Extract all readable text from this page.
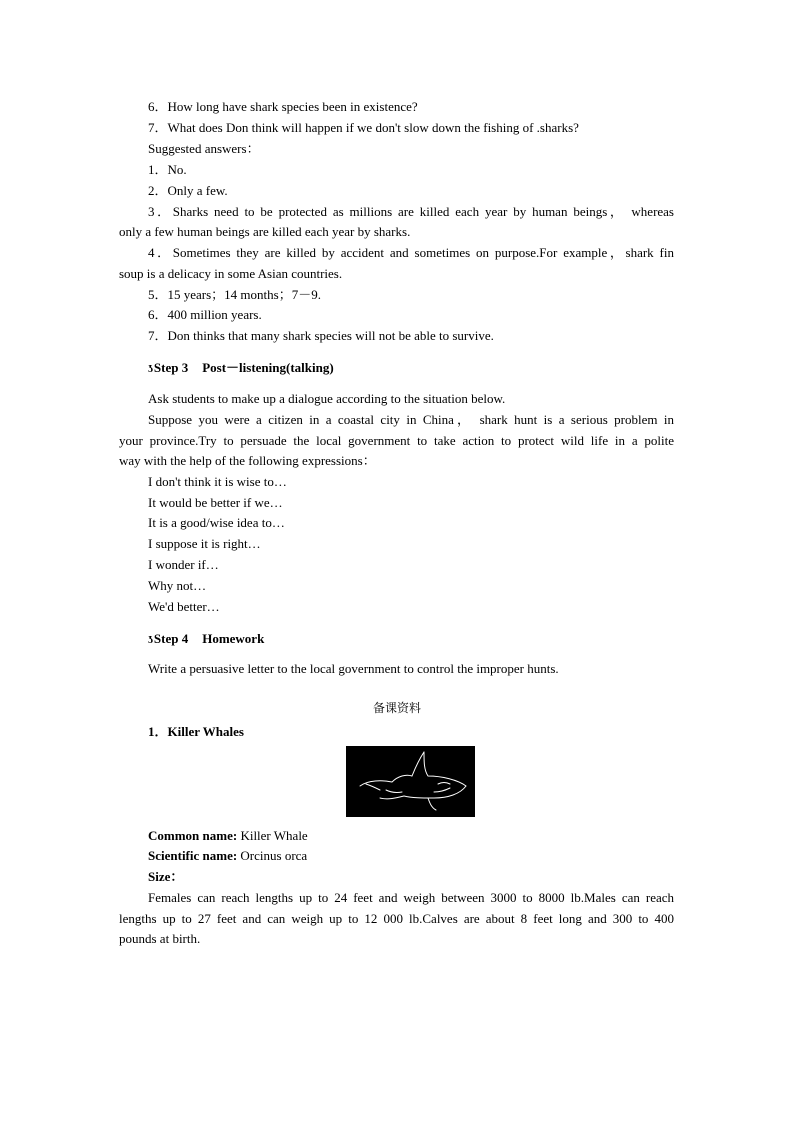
6．How long have shark species been in existence?
7．What does Don think will happen if we don't slow down the fishing of .sharks?
Suggested answers：
1．No.
2．Only a few.
3．Sharks need to be protected as millions are killed each year by human beings， whereas
only a few human beings are killed each year by sharks.
4．Sometimes they are killed by accident and sometimes on purpose.For example，shark fin
soup is a delicacy in some Asian countries.
5．15 years；14 months；7－9.
6．400 million years.
7．Don thinks that many shark species will not be able to survive.
ʖStep 3 Post－listening(talking)
Ask students to make up a dialogue according to the situation below.
Suppose you were a citizen in a coastal city in China， shark hunt is a serious problem in
your province.Try to persuade the local government to take action to protect wild life in a polite
way with the help of the following expressions：
I don't think it is wise to…
It would be better if we…
It is a good/wise idea to…
I suppose it is right…
I wonder if…
Why not…
We'd better…
ʖStep 4 Homework
Write a persuasive letter to the local government to control the improper hunts.
备课资料
1．Killer Whales
Common name: Killer Whale
Scientific name: Orcinus orca
Size：
Females can reach lengths up to 24 feet and weigh between 3000 to 8000 lb.Males can reach
lengths up to 27 feet and can weigh up to 12 000 lb.Calves are about 8 feet long and 300 to 400
pounds at birth.
